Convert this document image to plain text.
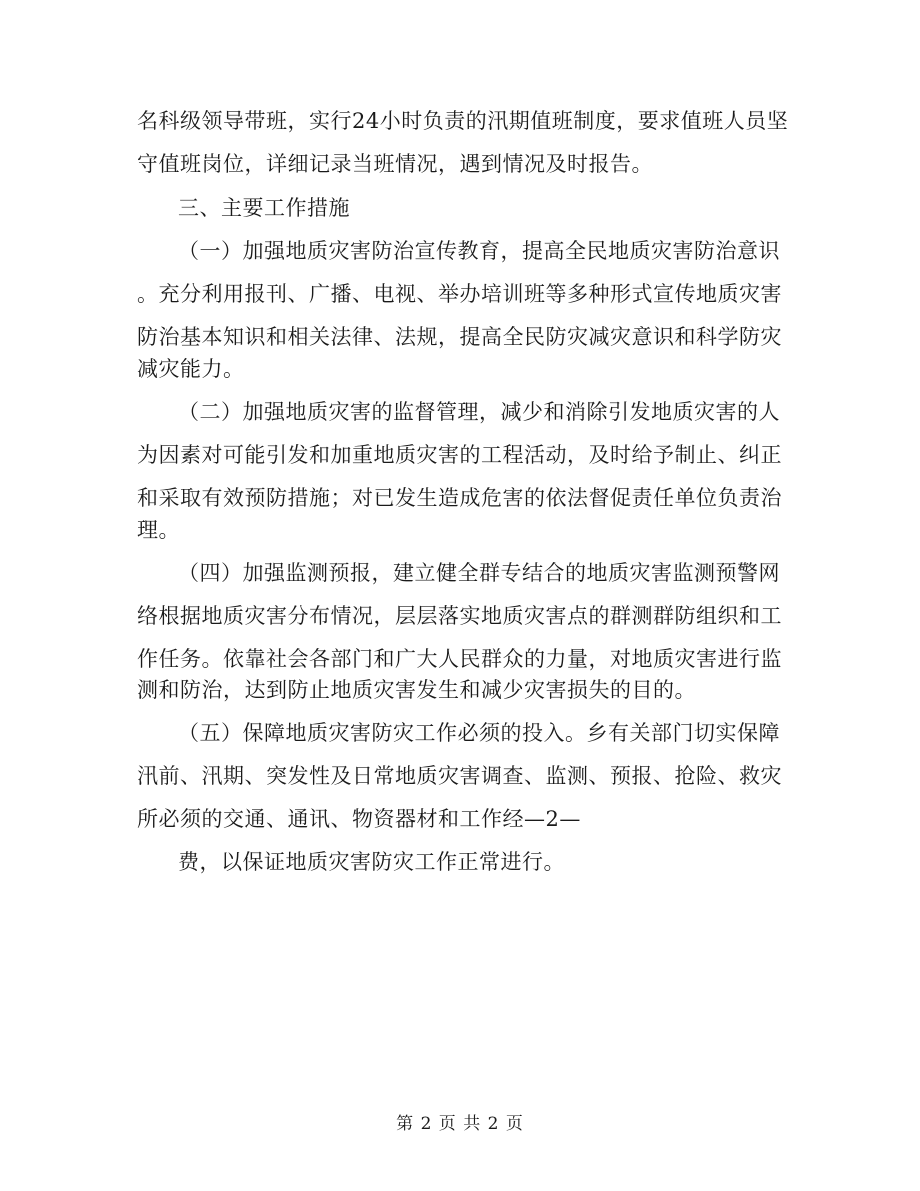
名科级领导带班，实行24小时负责的汛期值班制度，要求值班人员坚
守值班岗位，详细记录当班情况，遇到情况及时报告。
三、主要工作措施
（一）加强地质灾害防治宣传教育，提高全民地质灾害防治意识
。充分利用报刊、广播、电视、举办培训班等多种形式宣传地质灾害
防治基本知识和相关法律、法规，提高全民防灾减灾意识和科学防灾
减灾能力。
（二）加强地质灾害的监督管理，减少和消除引发地质灾害的人
为因素对可能引发和加重地质灾害的工程活动，及时给予制止、纠正
和采取有效预防措施；对已发生造成危害的依法督促责任单位负责治
理。
（四）加强监测预报，建立健全群专结合的地质灾害监测预警网
络根据地质灾害分布情况，层层落实地质灾害点的群测群防组织和工
作任务。依靠社会各部门和广大人民群众的力量，对地质灾害进行监
测和防治，达到防止地质灾害发生和减少灾害损失的目的。
（五）保障地质灾害防灾工作必须的投入。乡有关部门切实保障
汛前、汛期、突发性及日常地质灾害调查、监测、预报、抢险、救灾
所必须的交通、通讯、物资器材和工作经—2—
费，以保证地质灾害防灾工作正常进行。
第 2 页 共 2 页
